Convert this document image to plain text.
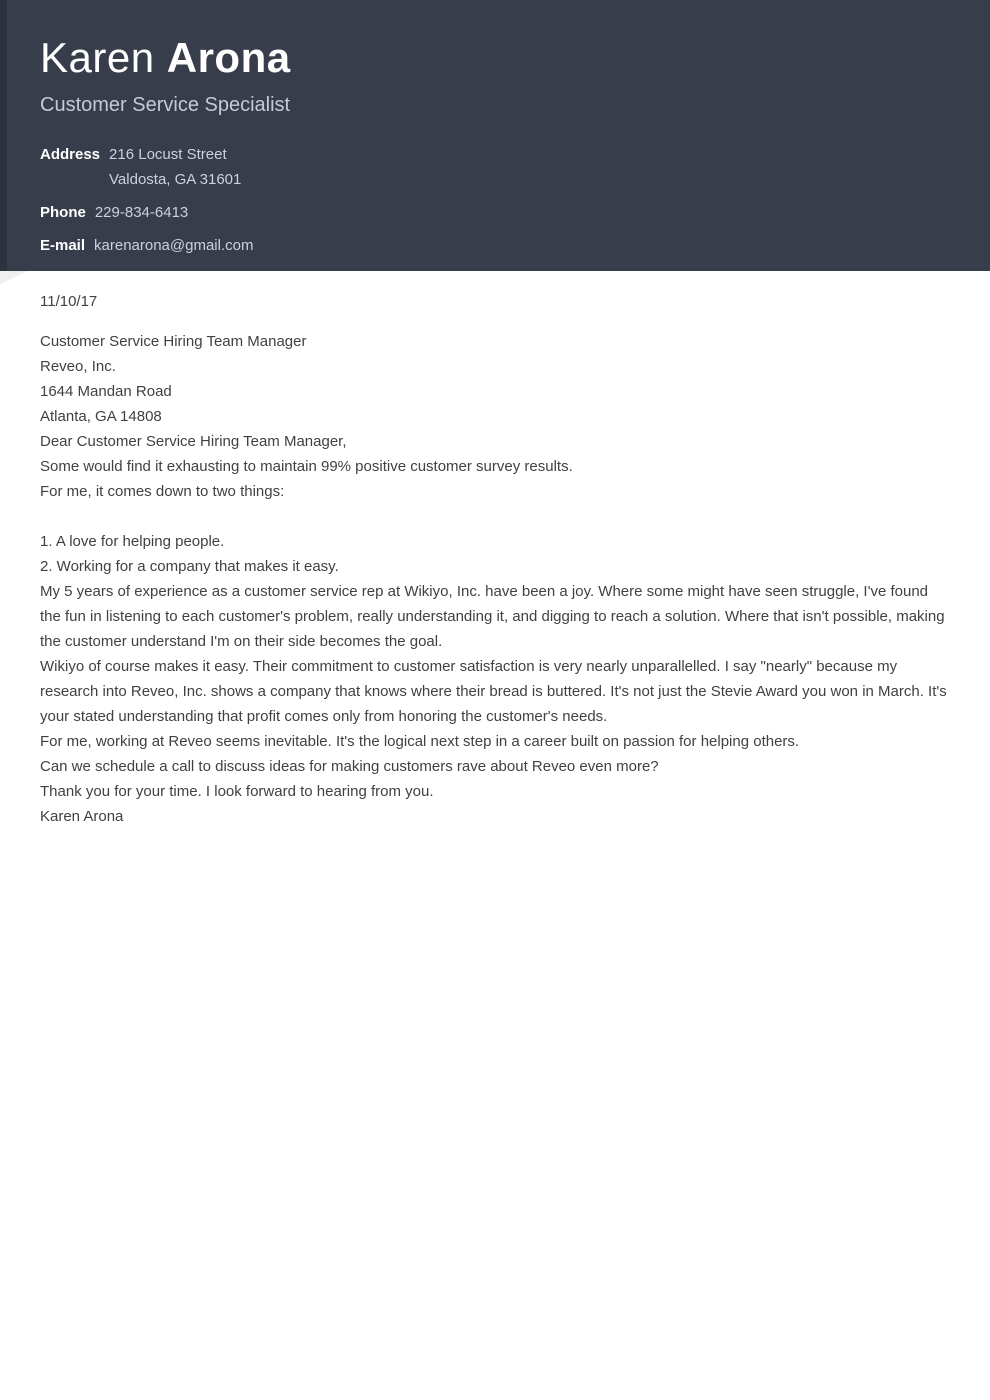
Karen Arona
Customer Service Specialist
Address 216 Locust Street
Valdosta, GA 31601
Phone 229-834-6413
E-mail karenarona@gmail.com

11/10/17

Customer Service Hiring Team Manager
Reveo, Inc.
1644 Mandan Road
Atlanta, GA 14808

Dear Customer Service Hiring Team Manager,

Some would find it exhausting to maintain 99% positive customer survey results.

For me, it comes down to two things:

1. A love for helping people.
2. Working for a company that makes it easy.

My 5 years of experience as a customer service rep at Wikiyo, Inc. have been a joy. Where some might have seen struggle, I've found the fun in listening to each customer's problem, really understanding it, and digging to reach a solution. Where that isn't possible, making the customer understand I'm on their side becomes the goal.

Wikiyo of course makes it easy. Their commitment to customer satisfaction is very nearly unparallelled. I say "nearly" because my research into Reveo, Inc. shows a company that knows where their bread is buttered. It's not just the Stevie Award you won in March. It's your stated understanding that profit comes only from honoring the customer's needs.

For me, working at Reveo seems inevitable. It's the logical next step in a career built on passion for helping others.

Can we schedule a call to discuss ideas for making customers rave about Reveo even more?

Thank you for your time. I look forward to hearing from you.

Karen Arona
